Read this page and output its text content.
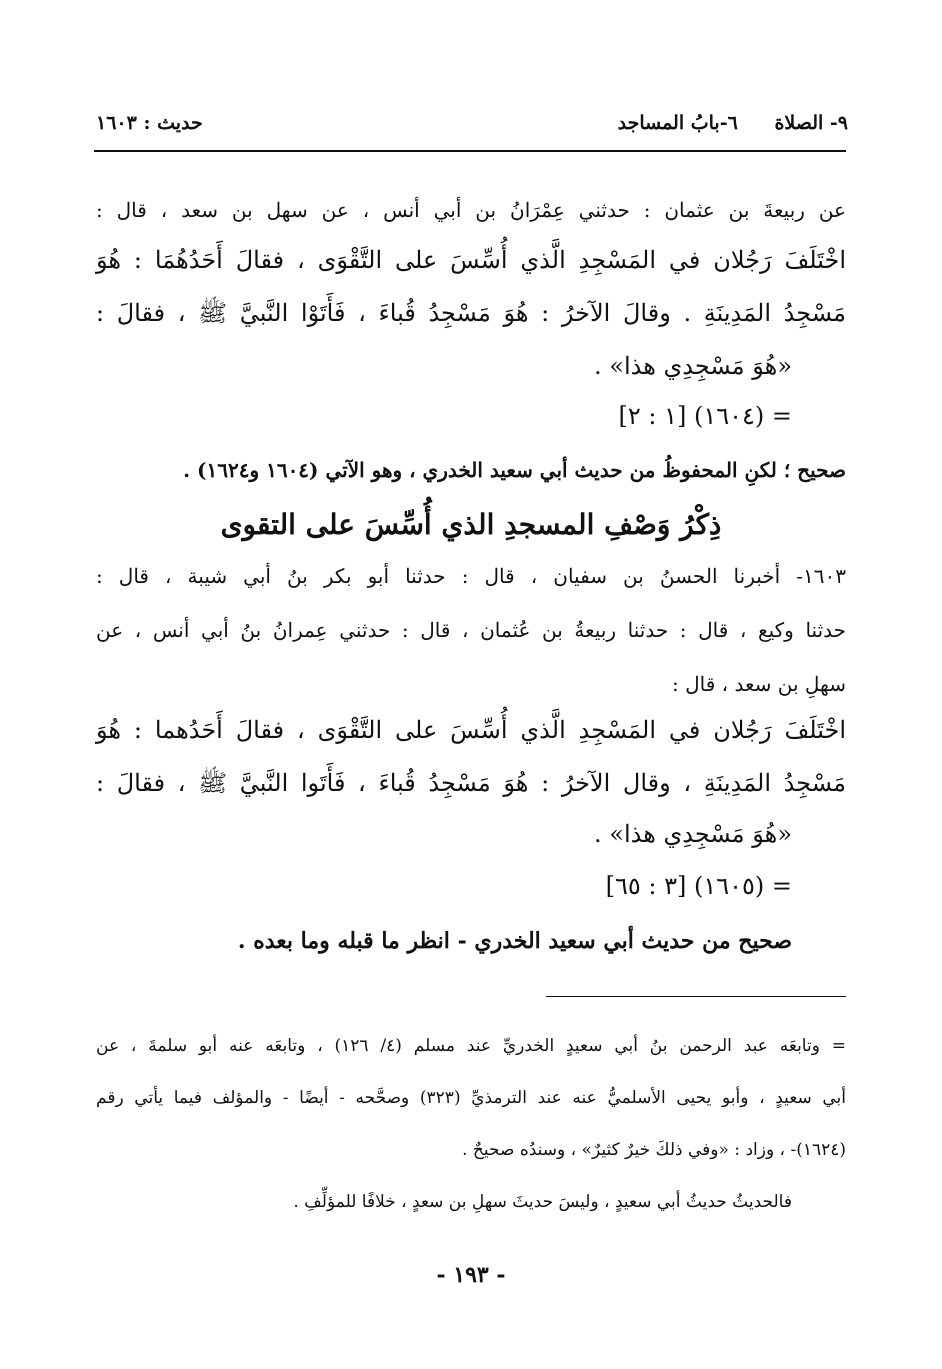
٩- الصلاة ٦-بابُ المساجد
حديث : ١٦٠٣
عن ربيعةَ بن عثمان : حدثني عِمْرَانُ بن أبي أنس ، عن سهل بن سعد ، قال :
اخْتَلَفَ رَجُلان في المَسْجِدِ الَّذي أُسِّسَ على التَّقْوَى ، فقالَ أَحَدُهُمَا : هُوَ
مَسْجِدُ المَدِينَةِ . وقالَ الآخرُ : هُوَ مَسْجِدُ قُباءَ ، فَأَتَوْا النَّبيَّ ﷺ ، فقالَ :
«هُوَ مَسْجِدِي هذا» .
= (١٦٠٤) [١ : ٢]
صحيح ؛ لكنِ المحفوظُ من حديث أبي سعيد الخدري ، وهو الآتي (١٦٠٤ و١٦٢٤) .
ذِكْرُ وَصْفِ المسجدِ الذي أُسِّسَ على التقوى
١٦٠٣- أخبرنا الحسنُ بن سفيان ، قال : حدثنا أبو بكر بنُ أبي شيبة ، قال :
حدثنا وكيع ، قال : حدثنا ربيعةُ بن عُثمان ، قال : حدثني عِمرانُ بنُ أبي أنس ، عن
سهلِ بن سعد ، قال :
اخْتَلَفَ رَجُلان في المَسْجِدِ الَّذي أُسِّسَ على التَّقْوَى ، فقالَ أَحَدُهما : هُوَ
مَسْجِدُ المَدِينَةِ ، وقال الآخرُ : هُوَ مَسْجِدُ قُباءَ ، فَأَتَوا النَّبيَّ ﷺ ، فقالَ :
«هُوَ مَسْجِدِي هذا» .
= (١٦٠٥) [٣ : ٦٥]
صحيح من حديث أبي سعيد الخدري - انظر ما قبله وما بعده .
= وتابعَه عبد الرحمن بنُ أبي سعيدٍ الخدريِّ عند مسلم (٤/ ١٢٦) ، وتابعَه عنه أبو سلمةَ ، عن
أبي سعيدٍ ، وأبو يحيى الأسلميُّ عنه عند الترمذيِّ (٣٢٣) وصحَّحه - أيضًا - والمؤلف فيما يأتي رقم
(١٦٢٤)- ، وزاد : «وفي ذلكَ خيرٌ كثيرٌ» ، وسندُه صحيحٌ .
فالحديثُ حديثُ أبي سعيدٍ ، وليسَ حديثَ سهلِ بن سعدٍ ، خلافًا للمؤلِّفِ .
- ١٩٣ -
